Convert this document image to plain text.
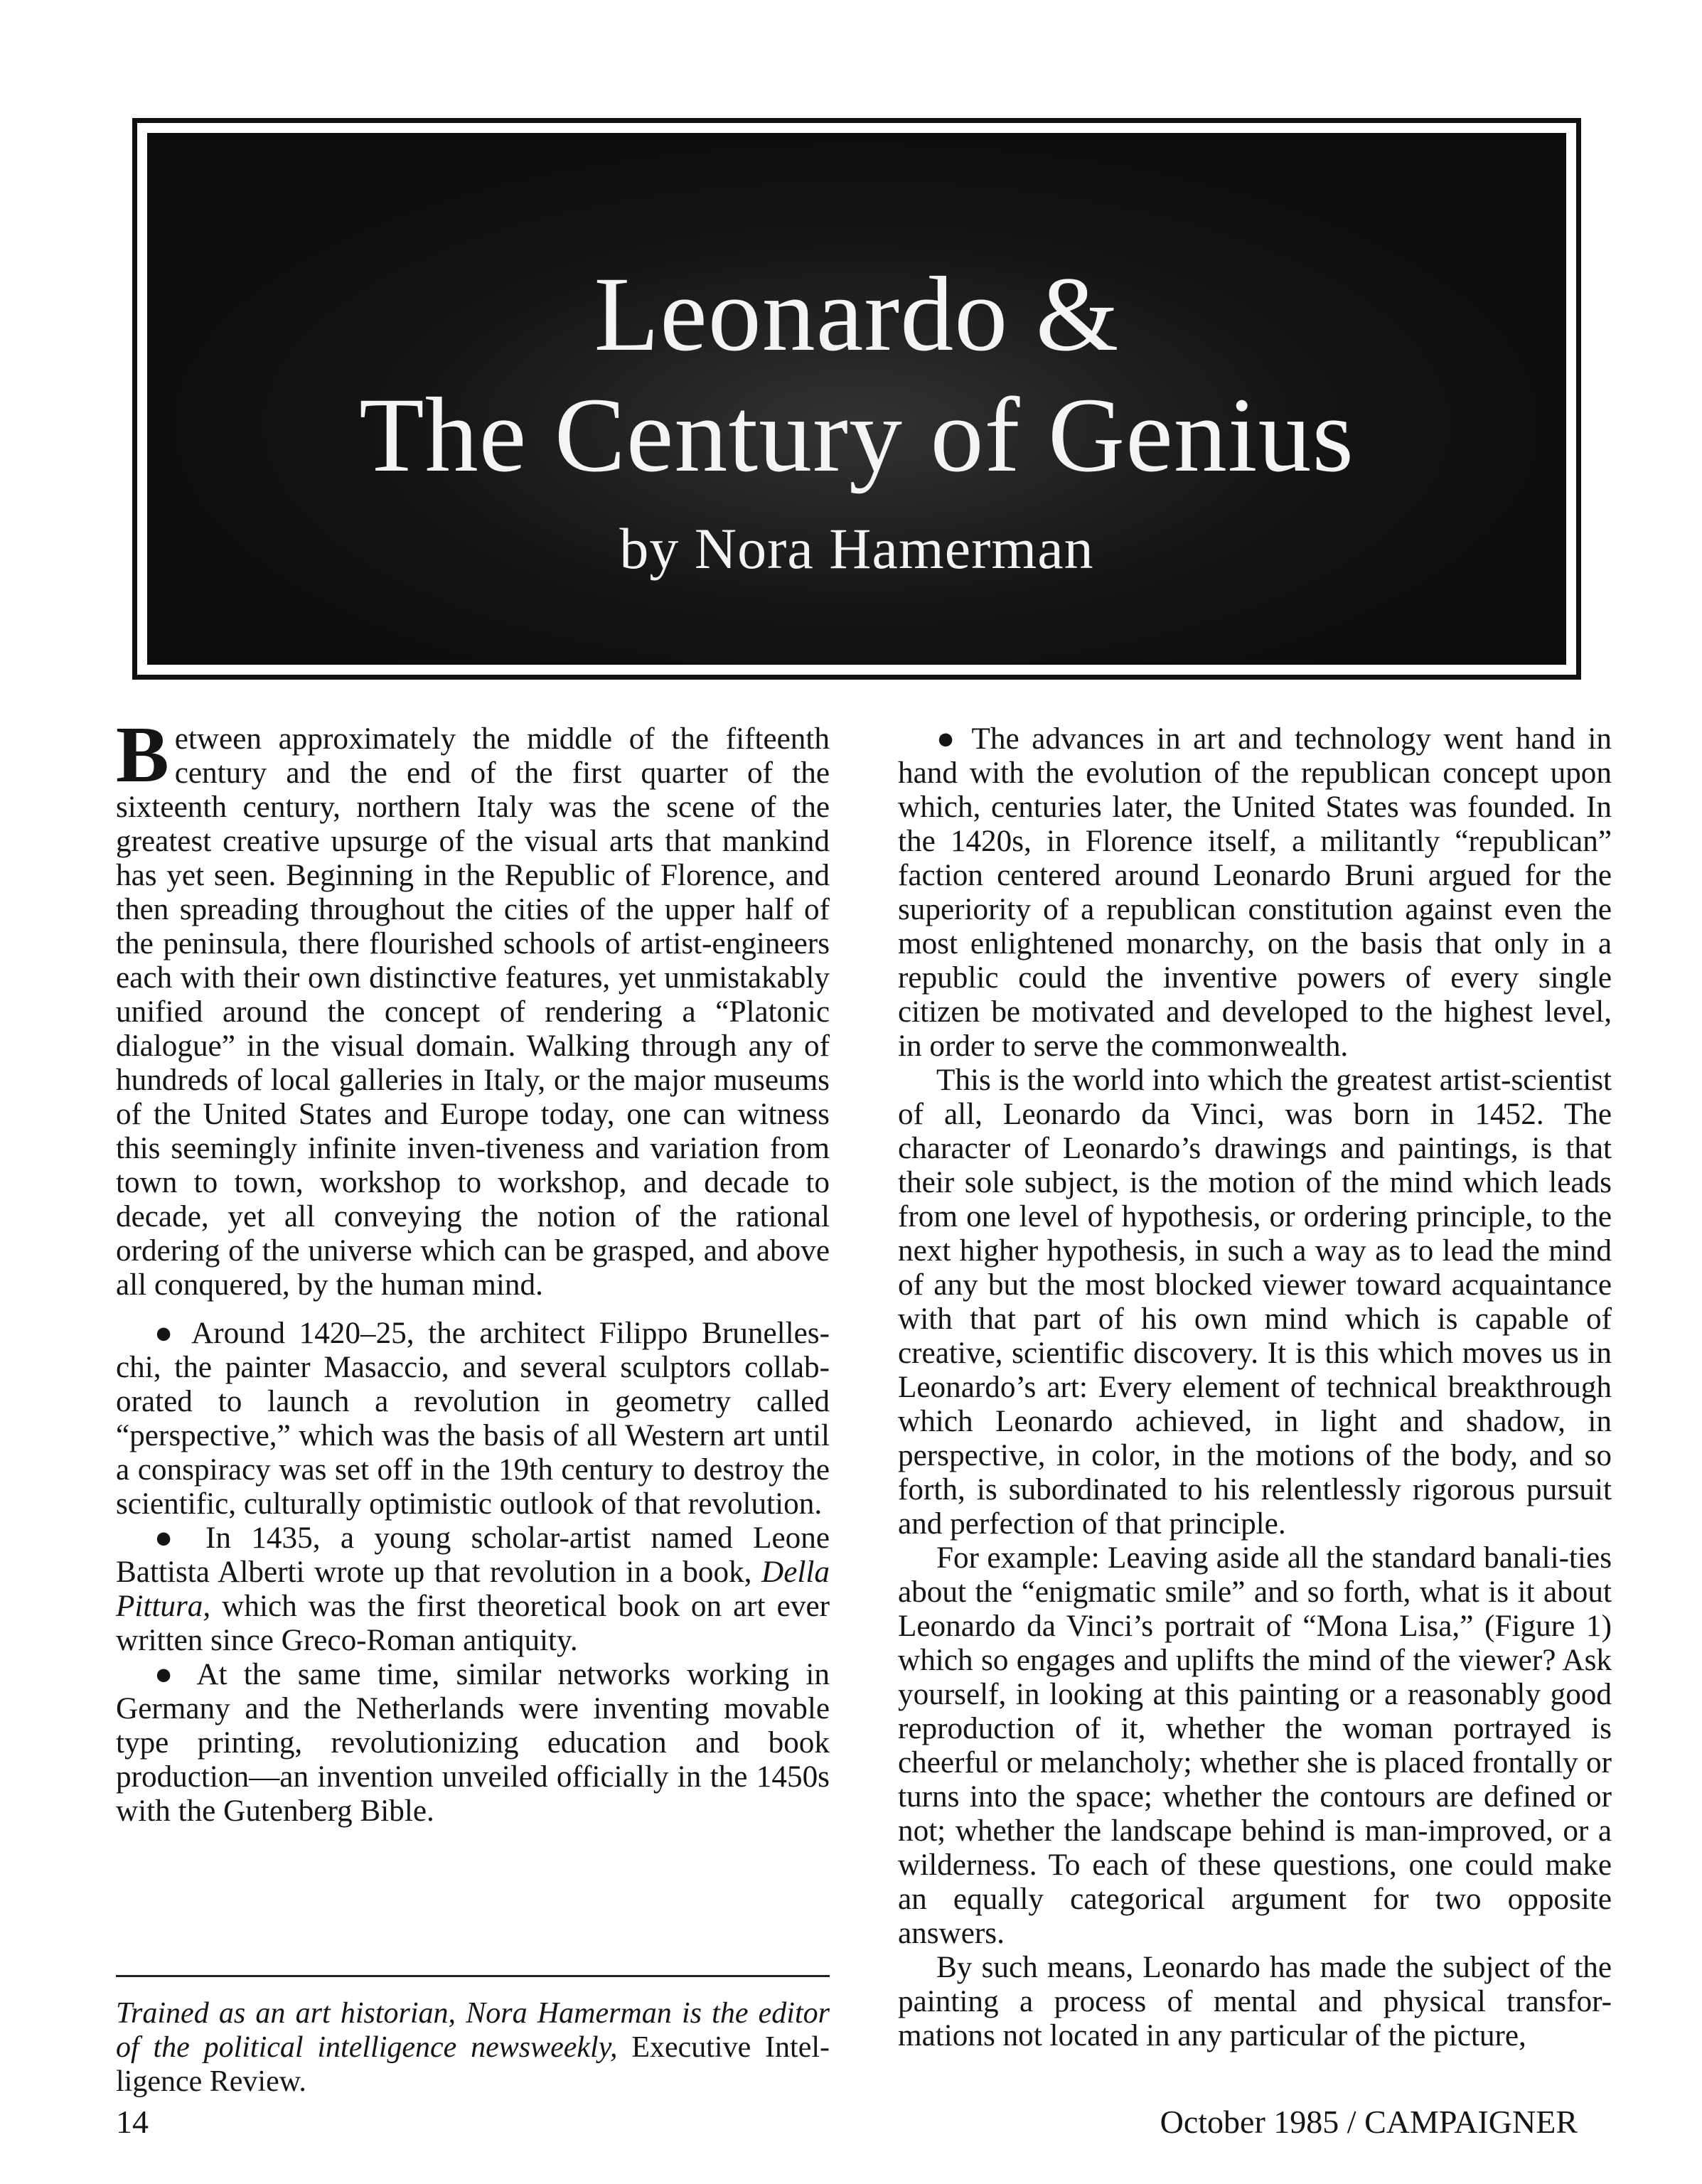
Leonardo &
The Century of Genius
by Nora Hamerman

Between approximately the middle of the fifteenth century and the end of the first quarter of the sixteenth century, northern Italy was the scene of the greatest creative upsurge of the visual arts that mankind has yet seen. Beginning in the Republic of Florence, and then spreading throughout the cities of the upper half of the peninsula, there flourished schools of artist-engineers each with their own distinctive features, yet unmistakably unified around the concept of rendering a “Platonic dialogue” in the visual domain. Walking through any of hundreds of local galleries in Italy, or the major museums of the United States and Europe today, one can witness this seemingly infinite inven-tiveness and variation from town to town, workshop to workshop, and decade to decade, yet all conveying the notion of the rational ordering of the universe which can be grasped, and above all conquered, by the human mind.

● Around 1420–25, the architect Filippo Brunelles-chi, the painter Masaccio, and several sculptors collab-orated to launch a revolution in geometry called “perspective,” which was the basis of all Western art until a conspiracy was set off in the 19th century to destroy the scientific, culturally optimistic outlook of that revolution.

● In 1435, a young scholar-artist named Leone Battista Alberti wrote up that revolution in a book, Della Pittura, which was the first theoretical book on art ever written since Greco-Roman antiquity.

● At the same time, similar networks working in Germany and the Netherlands were inventing movable type printing, revolutionizing education and book production—an invention unveiled officially in the 1450s with the Gutenberg Bible.

● The advances in art and technology went hand in hand with the evolution of the republican concept upon which, centuries later, the United States was founded. In the 1420s, in Florence itself, a militantly “republican” faction centered around Leonardo Bruni argued for the superiority of a republican constitution against even the most enlightened monarchy, on the basis that only in a republic could the inventive powers of every single citizen be motivated and developed to the highest level, in order to serve the commonwealth.

This is the world into which the greatest artist-scientist of all, Leonardo da Vinci, was born in 1452. The character of Leonardo’s drawings and paintings, is that their sole subject, is the motion of the mind which leads from one level of hypothesis, or ordering principle, to the next higher hypothesis, in such a way as to lead the mind of any but the most blocked viewer toward acquaintance with that part of his own mind which is capable of creative, scientific discovery. It is this which moves us in Leonardo’s art: Every element of technical breakthrough which Leonardo achieved, in light and shadow, in perspective, in color, in the motions of the body, and so forth, is subordinated to his relentlessly rigorous pursuit and perfection of that principle.

For example: Leaving aside all the standard banali-ties about the “enigmatic smile” and so forth, what is it about Leonardo da Vinci’s portrait of “Mona Lisa,” (Figure 1) which so engages and uplifts the mind of the viewer? Ask yourself, in looking at this painting or a reasonably good reproduction of it, whether the woman portrayed is cheerful or melancholy; whether she is placed frontally or turns into the space; whether the contours are defined or not; whether the landscape behind is man-improved, or a wilderness. To each of these questions, one could make an equally categorical argument for two opposite answers.

By such means, Leonardo has made the subject of the painting a process of mental and physical transfor-mations not located in any particular of the picture,

Trained as an art historian, Nora Hamerman is the editor of the political intelligence newsweekly, Executive Intel-ligence Review.
14	October 1985 / CAMPAIGNER
